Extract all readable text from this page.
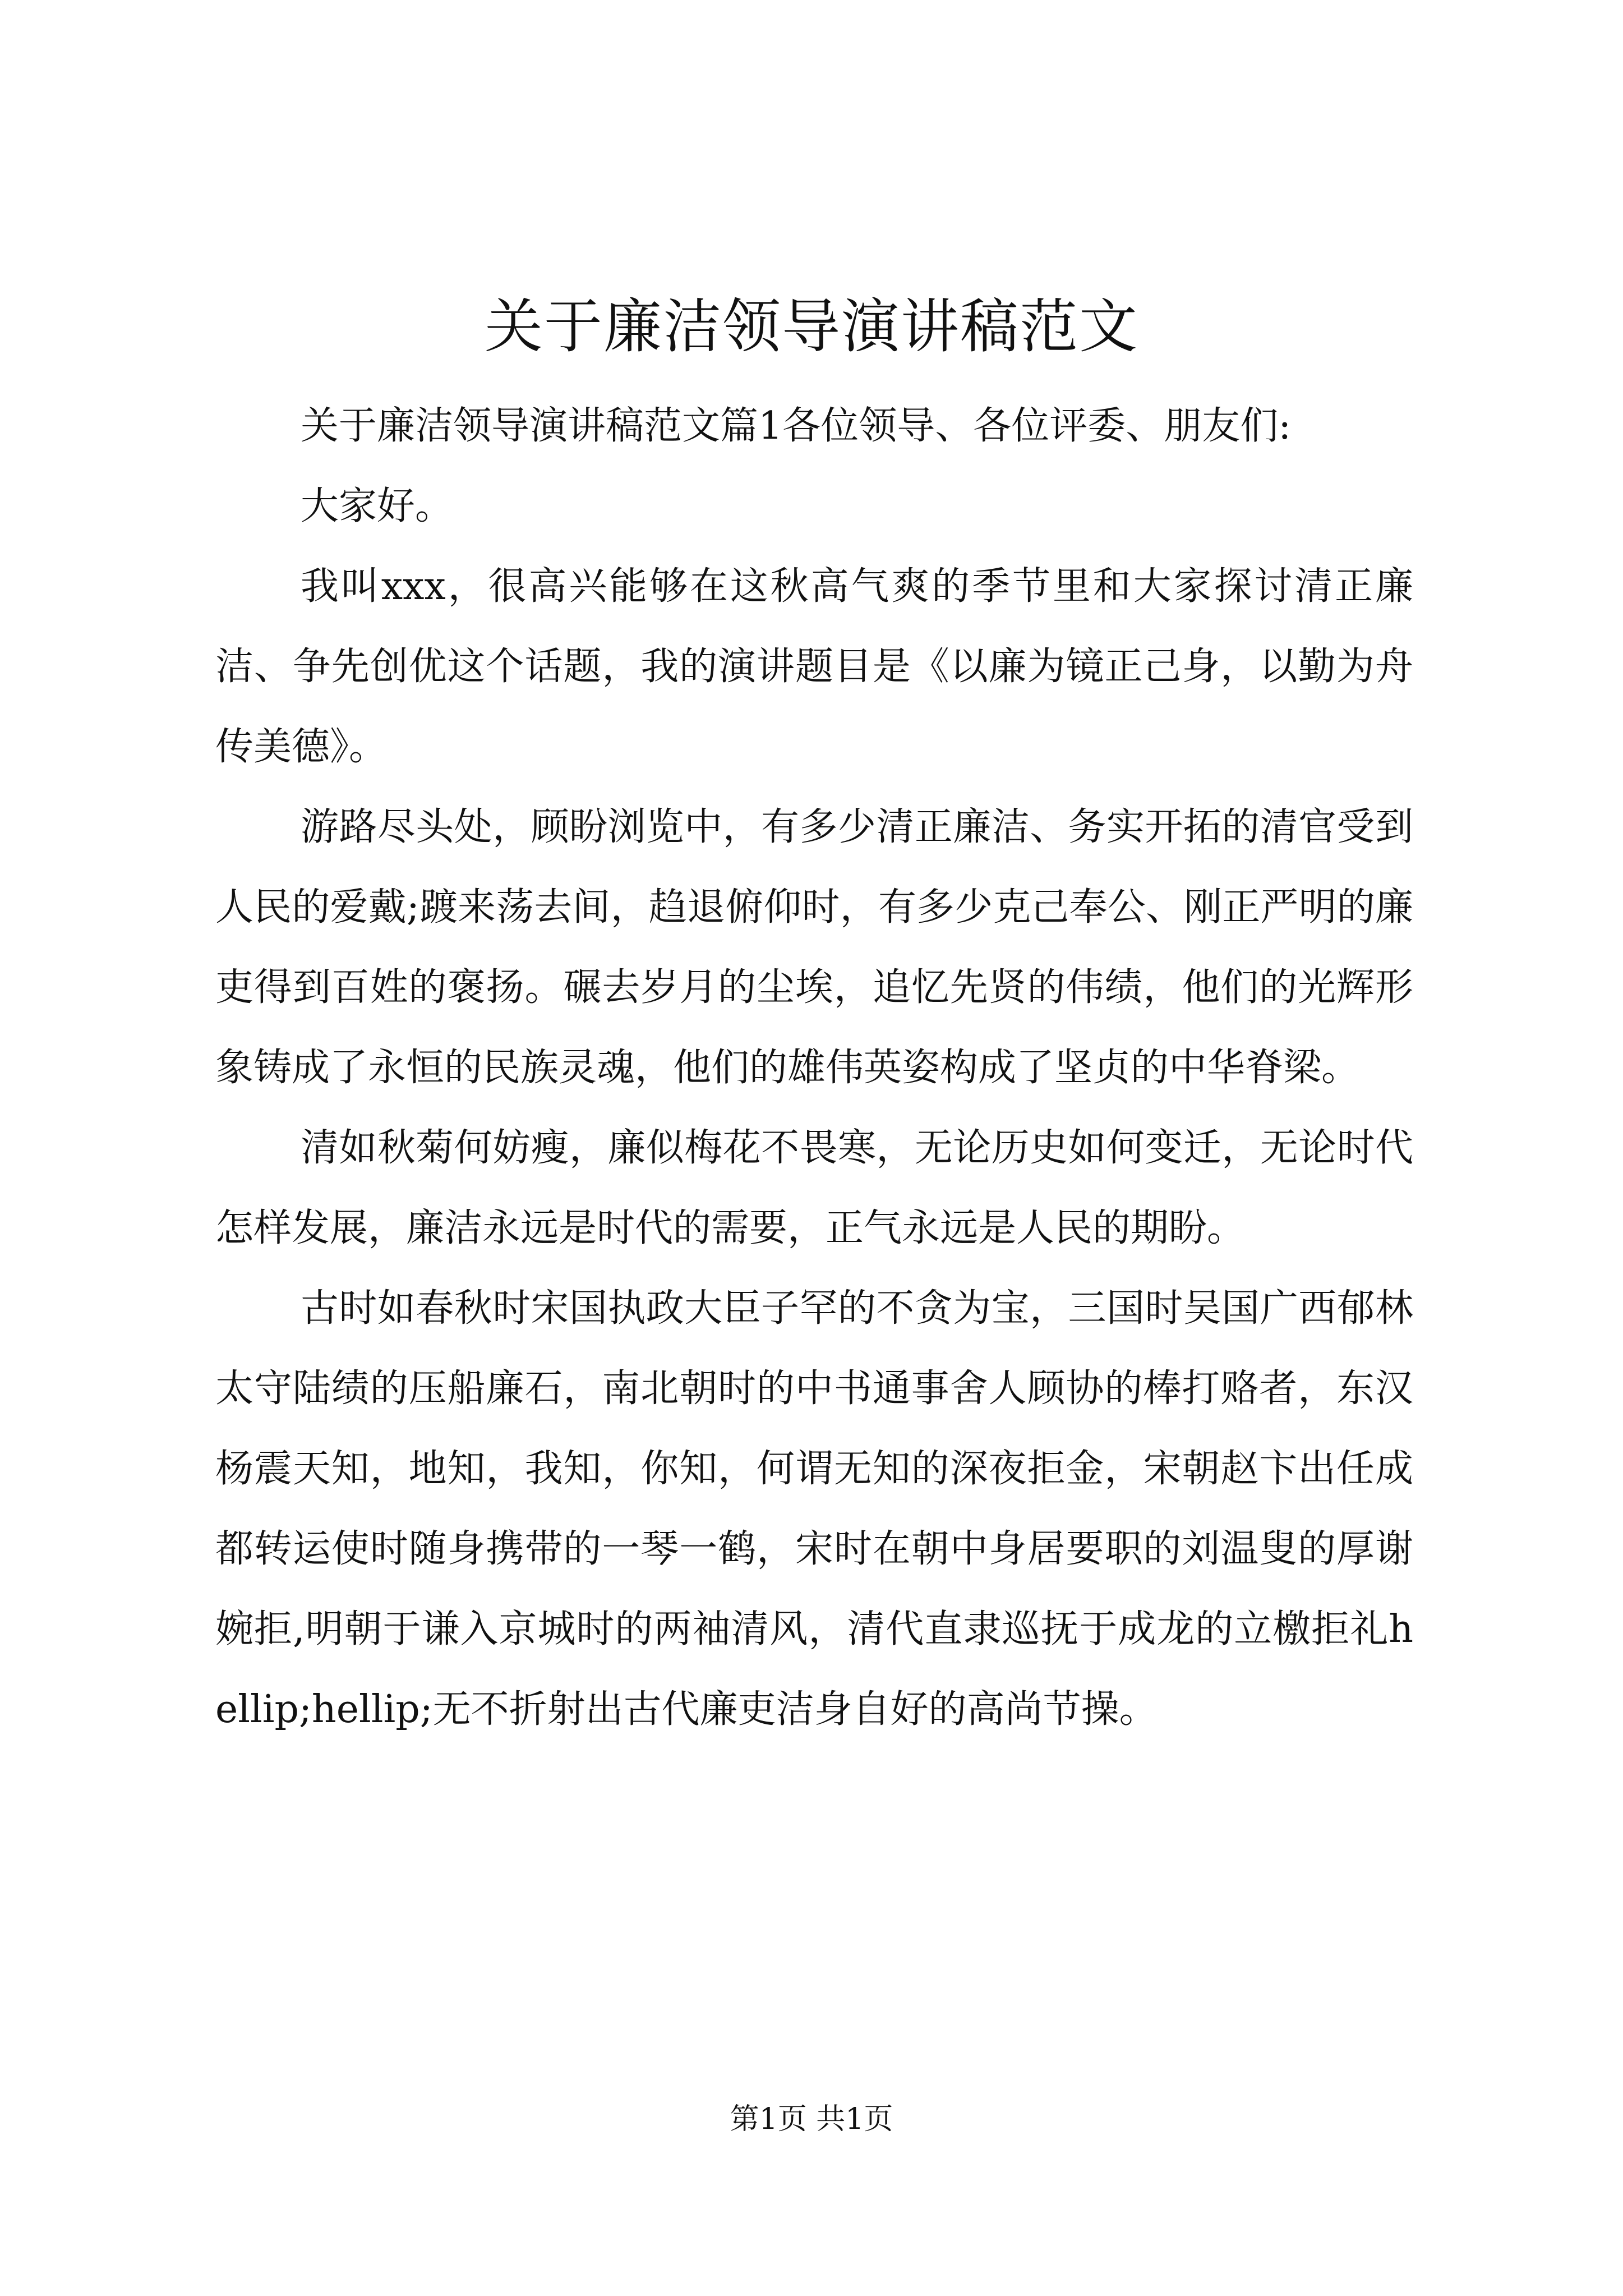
关于廉洁领导演讲稿范文

关于廉洁领导演讲稿范文篇1各位领导、各位评委、朋友们:

大家好。

我叫xxx，很高兴能够在这秋高气爽的季节里和大家探讨清正廉洁、争先创优这个话题，我的演讲题目是《以廉为镜正己身，以勤为舟传美德》。

游路尽头处，顾盼浏览中，有多少清正廉洁、务实开拓的清官受到人民的爱戴;踱来荡去间，趋退俯仰时，有多少克己奉公、刚正严明的廉吏得到百姓的褒扬。碾去岁月的尘埃，追忆先贤的伟绩，他们的光辉形象铸成了永恒的民族灵魂，他们的雄伟英姿构成了坚贞的中华脊梁。

清如秋菊何妨瘦，廉似梅花不畏寒，无论历史如何变迁，无论时代怎样发展，廉洁永远是时代的需要，正气永远是人民的期盼。

古时如春秋时宋国执政大臣子罕的不贪为宝，三国时吴国广西郁林太守陆绩的压船廉石，南北朝时的中书通事舍人顾协的棒打赂者，东汉杨震天知，地知，我知，你知，何谓无知的深夜拒金，宋朝赵卞出任成都转运使时随身携带的一琴一鹤，宋时在朝中身居要职的刘温叟的厚谢婉拒,明朝于谦入京城时的两袖清风，清代直隶巡抚于成龙的立檄拒礼hellip;hellip;无不折射出古代廉吏洁身自好的高尚节操。

第1页 共1页
